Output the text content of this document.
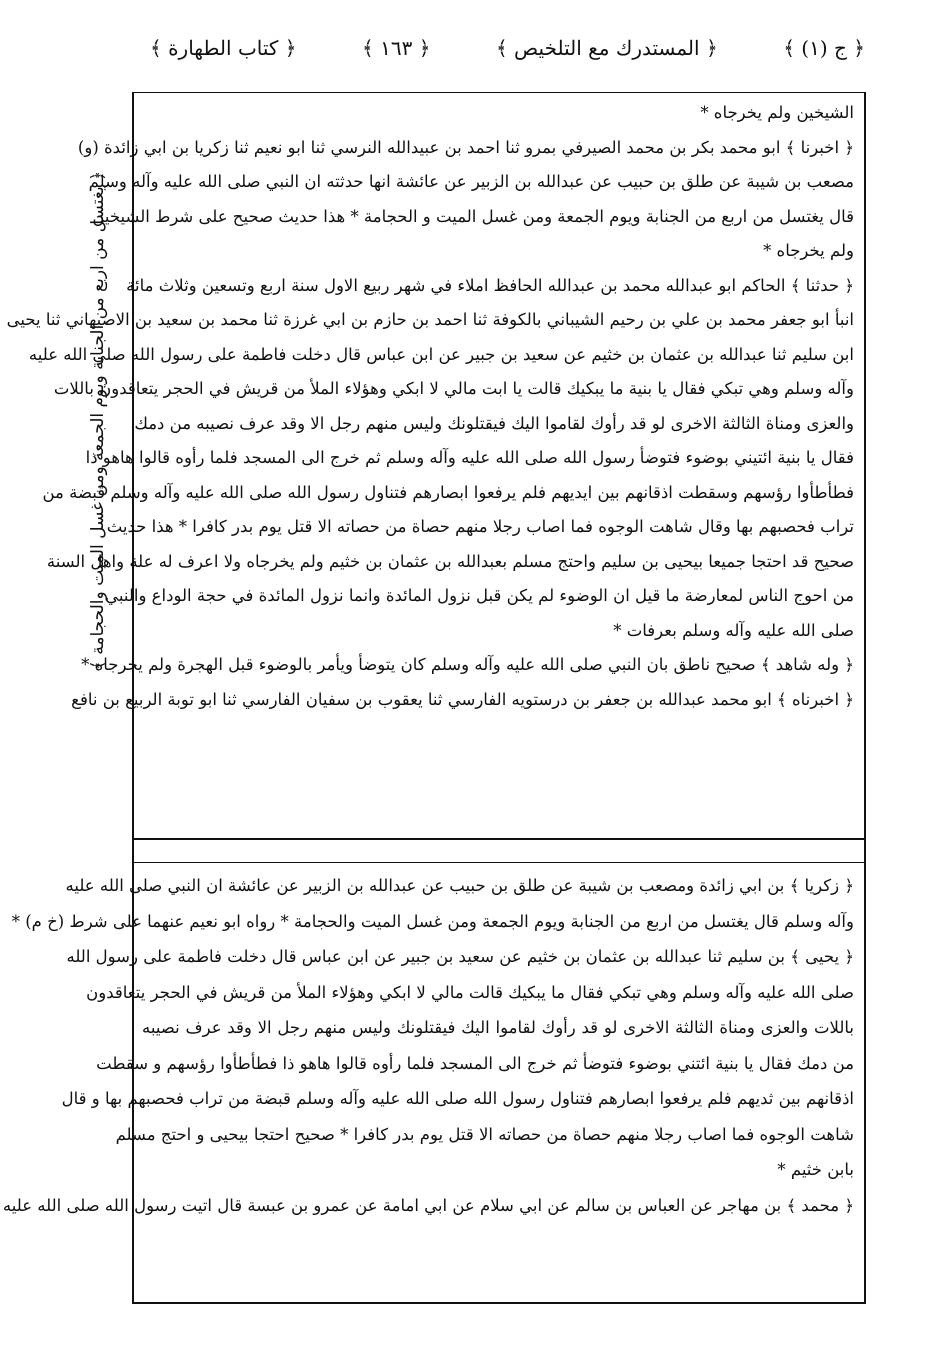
﴿ ج (١) ﴾
﴿ المستدرك مع التلخيص ﴾
﴿ ١٦٣ ﴾
﴿ كتاب الطهارة ﴾
﴿ يغتسل من اربع من الجنابة ويوم الجمعة ومن غسل الميت والحجامة ﴾
الشيخين ولم يخرجاه *
﴿ اخبرنا ﴾ ابو محمد بكر بن محمد الصيرفي بمرو ثنا احمد بن عبيدالله النرسي ثنا ابو نعيم ثنا زكريا بن ابي زائدة (و)
مصعب بن شيبة عن طلق بن حبيب عن عبدالله بن الزبير عن عائشة انها حدثته ان النبي صلى الله عليه وآله وسلم
قال يغتسل من اربع من الجنابة ويوم الجمعة ومن غسل الميت و الحجامة * هذا حديث صحيح على شرط الشيخين
ولم يخرجاه *
﴿ حدثنا ﴾ الحاكم ابو عبدالله محمد بن عبدالله الحافظ املاء في شهر ربيع الاول سنة اربع وتسعين وثلاث مائة
انبأ ابو جعفر محمد بن علي بن رحيم الشيباني بالكوفة ثنا احمد بن حازم بن ابي غرزة ثنا محمد بن سعيد بن الاصبهاني ثنا يحيى
ابن سليم ثنا عبدالله بن عثمان بن خثيم عن سعيد بن جبير عن ابن عباس قال دخلت فاطمة على رسول الله صلى الله عليه
وآله وسلم وهي تبكي فقال يا بنية ما يبكيك قالت يا ابت مالي لا ابكي وهؤلاء الملأ من قريش في الحجر يتعاقدون باللات
والعزى ومناة الثالثة الاخرى لو قد رأوك لقاموا اليك فيقتلونك وليس منهم رجل الا وقد عرف نصيبه من دمك
فقال يا بنية ائتيني بوضوء فتوضأ رسول الله صلى الله عليه وآله وسلم ثم خرج الى المسجد فلما رأوه قالوا هاهو ذا
فطأطأوا رؤسهم وسقطت اذقانهم بين ايديهم فلم يرفعوا ابصارهم فتناول رسول الله صلى الله عليه وآله وسلم قبضة من
تراب فحصبهم بها وقال شاهت الوجوه فما اصاب رجلا منهم حصاة من حصاته الا قتل يوم بدر كافرا * هذا حديث
صحيح قد احتجا جميعا بيحيى بن سليم واحتج مسلم بعبدالله بن عثمان بن خثيم ولم يخرجاه ولا اعرف له علة واهل السنة
من احوج الناس لمعارضة ما قيل ان الوضوء لم يكن قبل نزول المائدة وانما نزول المائدة في حجة الوداع والنبي
صلى الله عليه وآله وسلم بعرفات *
﴿ وله شاهد ﴾ صحيح ناطق بان النبي صلى الله عليه وآله وسلم كان يتوضأ ويأمر بالوضوء قبل الهجرة ولم يخرجاه *
﴿ اخبرناه ﴾ ابو محمد عبدالله بن جعفر بن درستويه الفارسي ثنا يعقوب بن سفيان الفارسي ثنا ابو توبة الربيع بن نافع
﴿ زكريا ﴾ بن ابي زائدة ومصعب بن شيبة عن طلق بن حبيب عن عبدالله بن الزبير عن عائشة ان النبي صلى الله عليه
وآله وسلم قال يغتسل من اربع من الجنابة ويوم الجمعة ومن غسل الميت والحجامة * رواه ابو نعيم عنهما على شرط (خ م) *
﴿ يحيى ﴾ بن سليم ثنا عبدالله بن عثمان بن خثيم عن سعيد بن جبير عن ابن عباس قال دخلت فاطمة على رسول الله
صلى الله عليه وآله وسلم وهي تبكي فقال ما يبكيك قالت مالي لا ابكي وهؤلاء الملأ من قريش في الحجر يتعاقدون
باللات والعزى ومناة الثالثة الاخرى لو قد رأوك لقاموا اليك فيقتلونك وليس منهم رجل الا وقد عرف نصيبه
من دمك فقال يا بنية ائتني بوضوء فتوضأ ثم خرج الى المسجد فلما رأوه قالوا هاهو ذا فطأطأوا رؤسهم و سقطت
اذقانهم بين ثديهم فلم يرفعوا ابصارهم فتناول رسول الله صلى الله عليه وآله وسلم قبضة من تراب فحصبهم بها و قال
شاهت الوجوه فما اصاب رجلا منهم حصاة من حصاته الا قتل يوم بدر كافرا * صحيح احتجا بيحيى و احتج مسلم
بابن خثيم *
﴿ محمد ﴾ بن مهاجر عن العباس بن سالم عن ابي سلام عن ابي امامة عن عمرو بن عبسة قال اتيت رسول الله صلى الله عليه
